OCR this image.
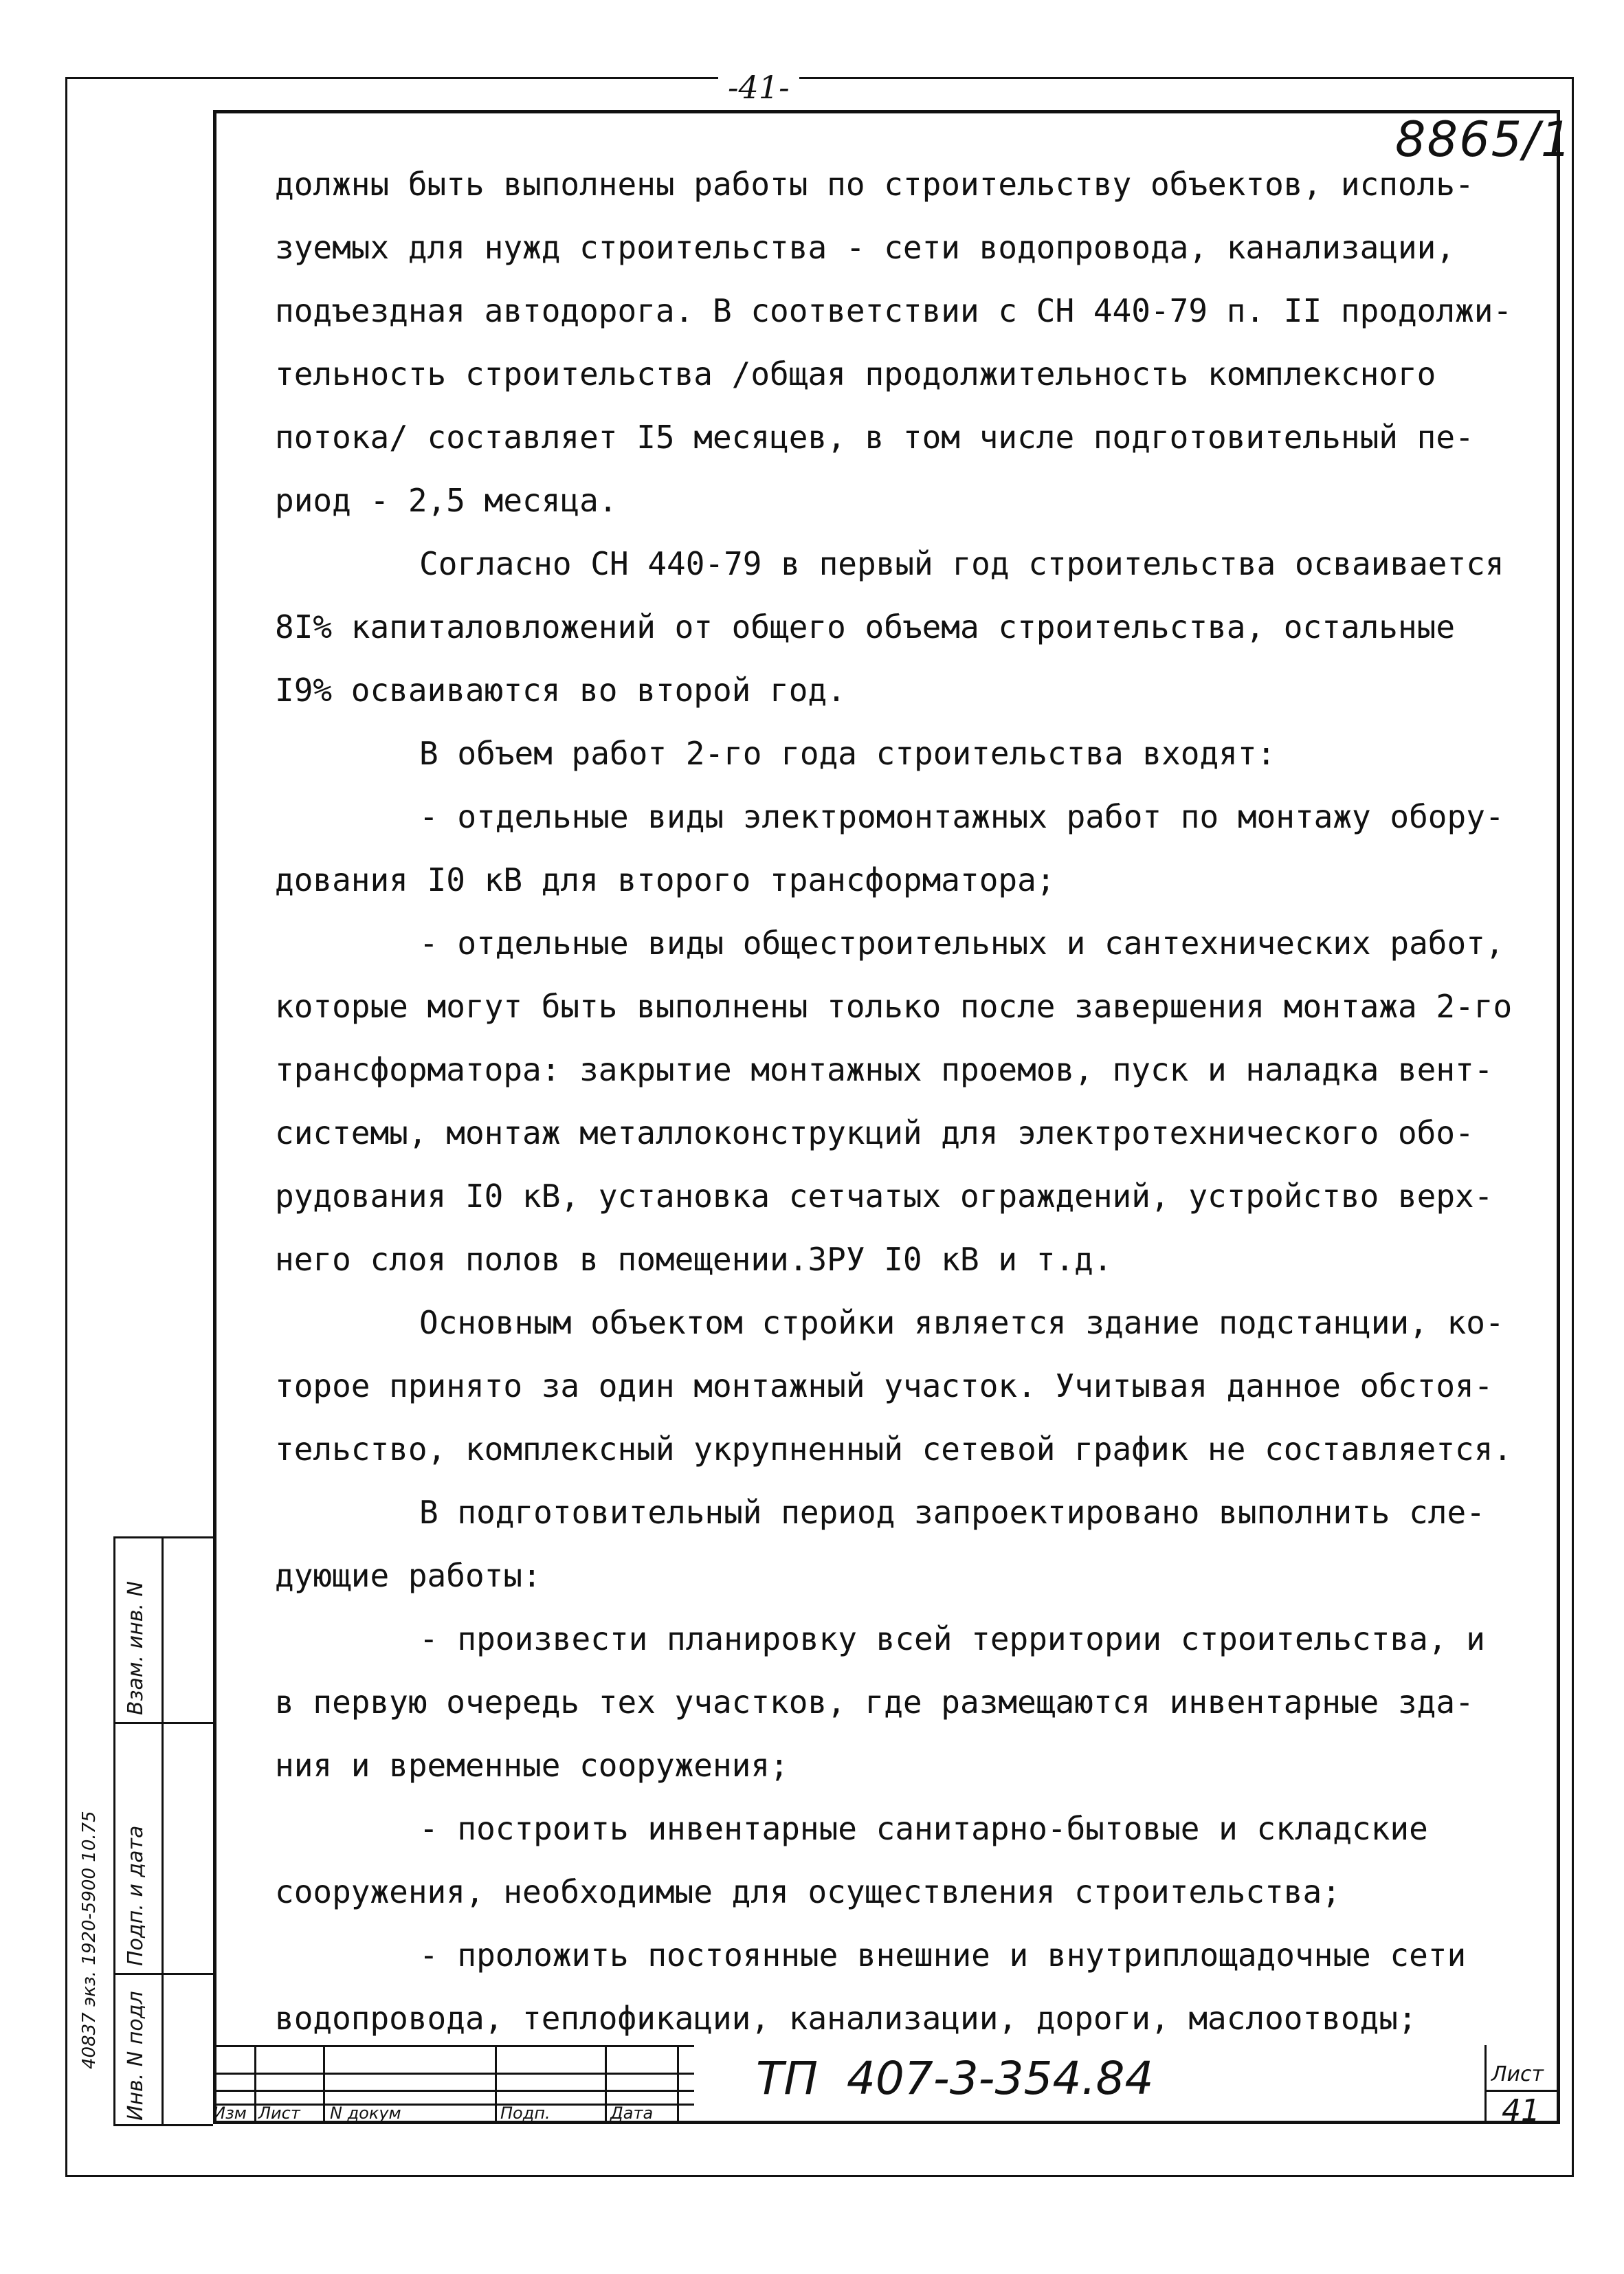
-41-
8865/1
должны быть выполнены работы по строительству объектов, исполь-
зуемых для нужд строительства - сети водопровода, канализации,
подъездная автодорога. В соответствии с СН 440-79 п. II продолжи-
тельность строительства /общая продолжительность комплексного
потока/ составляет I5 месяцев, в том числе подготовительный пе-
риод - 2,5 месяца.
Согласно СН 440-79 в первый год строительства осваивается
8I% капиталовложений от общего объема строительства, остальные
I9% осваиваются во второй год.
В объем работ 2-го года строительства входят:
- отдельные виды электромонтажных работ по монтажу обору-
дования I0 кВ для второго трансформатора;
- отдельные виды общестроительных и сантехнических работ,
которые могут быть выполнены только после завершения монтажа 2-го
трансформатора: закрытие монтажных проемов, пуск и наладка вент-
системы, монтаж металлоконструкций для электротехнического обо-
рудования I0 кВ, установка сетчатых ограждений, устройство верх-
него слоя полов в помещении.ЗРУ I0 кВ и т.д.
Основным объектом стройки является здание подстанции, ко-
торое принято за один монтажный участок. Учитывая данное обстоя-
тельство, комплексный укрупненный сетевой график не составляется.
В подготовительный период запроектировано выполнить сле-
дующие работы:
- произвести планировку всей территории строительства, и
в первую очередь тех участков, где размещаются инвентарные зда-
ния и временные сооружения;
- построить инвентарные санитарно-бытовые и складские
сооружения, необходимые для осуществления строительства;
- проложить постоянные внешние и внутриплощадочные сети
водопровода, теплофикации, канализации, дороги, маслоотводы;
Изм Лист N докум	Подп.	Дата
ТП  407-3-354.84	Лист
41
Инв. N подл
Подп. и дата
Взам. инв. N
40837 экз. 1920-5900 10.75
